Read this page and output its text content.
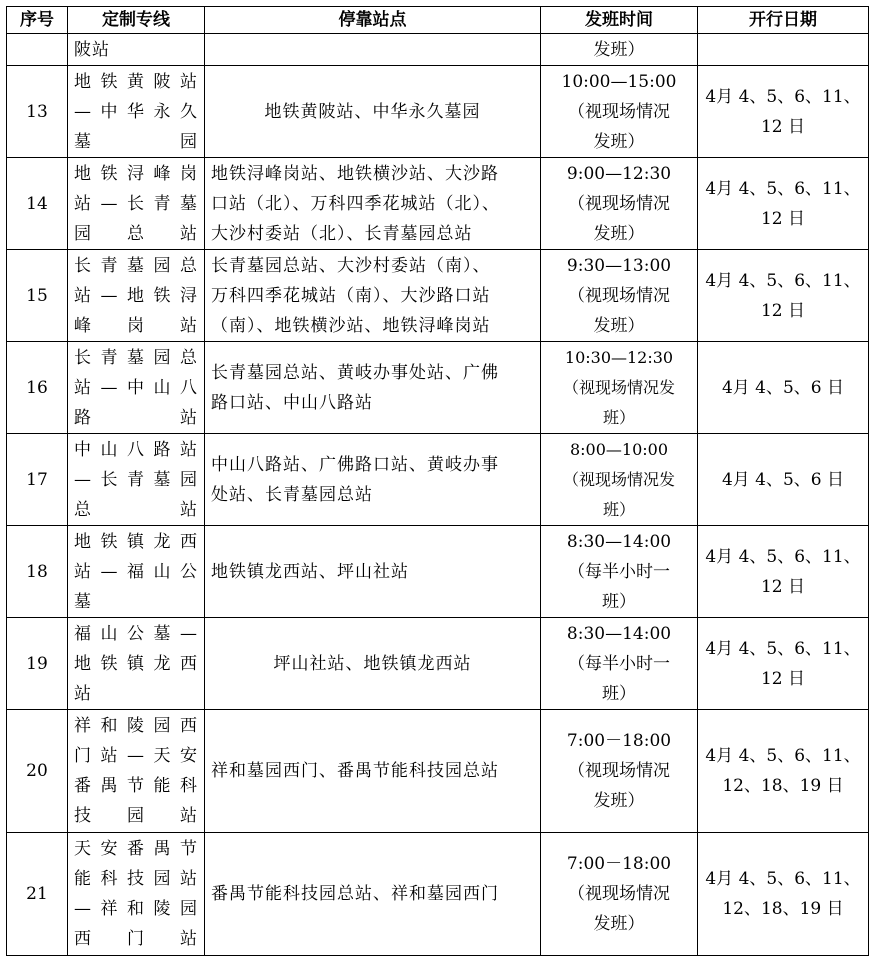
序号	定制专线	停靠站点	发班时间	开行日期
	陂站		发班）	
13	地铁黄陂站
—中华永久
墓园	地铁黄陂站、中华永久墓园	10:00—15:00
（视现场情况
发班）	4月 4、5、6、11、
12 日

14	地铁浔峰岗
站—长青墓
园总站	地铁浔峰岗站、地铁横沙站、大沙路
口站（北）、万科四季花城站（北）、
大沙村委站（北）、长青墓园总站	9:00—12:30
（视现场情况
发班）	4月 4、5、6、11、
12 日

15	长青墓园总
站—地铁浔
峰岗站	长青墓园总站、大沙村委站（南）、
万科四季花城站（南）、大沙路口站
（南）、地铁横沙站、地铁浔峰岗站	9:30—13:00
（视现场情况
发班）	4月 4、5、6、11、
12 日

16	长青墓园总
站—中山八
路站	长青墓园总站、黄岐办事处站、广佛
路口站、中山八路站	10:30—12:30
（视现场情况发
班）	4月 4、5、6 日

17	中山八路站
—长青墓园
总站	中山八路站、广佛路口站、黄岐办事
处站、长青墓园总站	8:00—10:00
（视现场情况发
班）	4月 4、5、6 日

18	地铁镇龙西
站—福山公
墓	地铁镇龙西站、坪山社站	8:30—14:00
（每半小时一
班）	4月 4、5、6、11、
12 日

19	福山公墓—
地铁镇龙西
站	坪山社站、地铁镇龙西站	8:30—14:00
（每半小时一
班）	4月 4、5、6、11、
12 日

20	祥和陵园西
门站—天安
番禺节能科
技园站	祥和墓园西门、番禺节能科技园总站	7:00－18:00
（视现场情况
发班）	4月 4、5、6、11、
12、18、19 日

21	天安番禺节
能科技园站
—祥和陵园
西门站	番禺节能科技园总站、祥和墓园西门	7:00－18:00
（视现场情况
发班）	4月 4、5、6、11、
12、18、19 日
